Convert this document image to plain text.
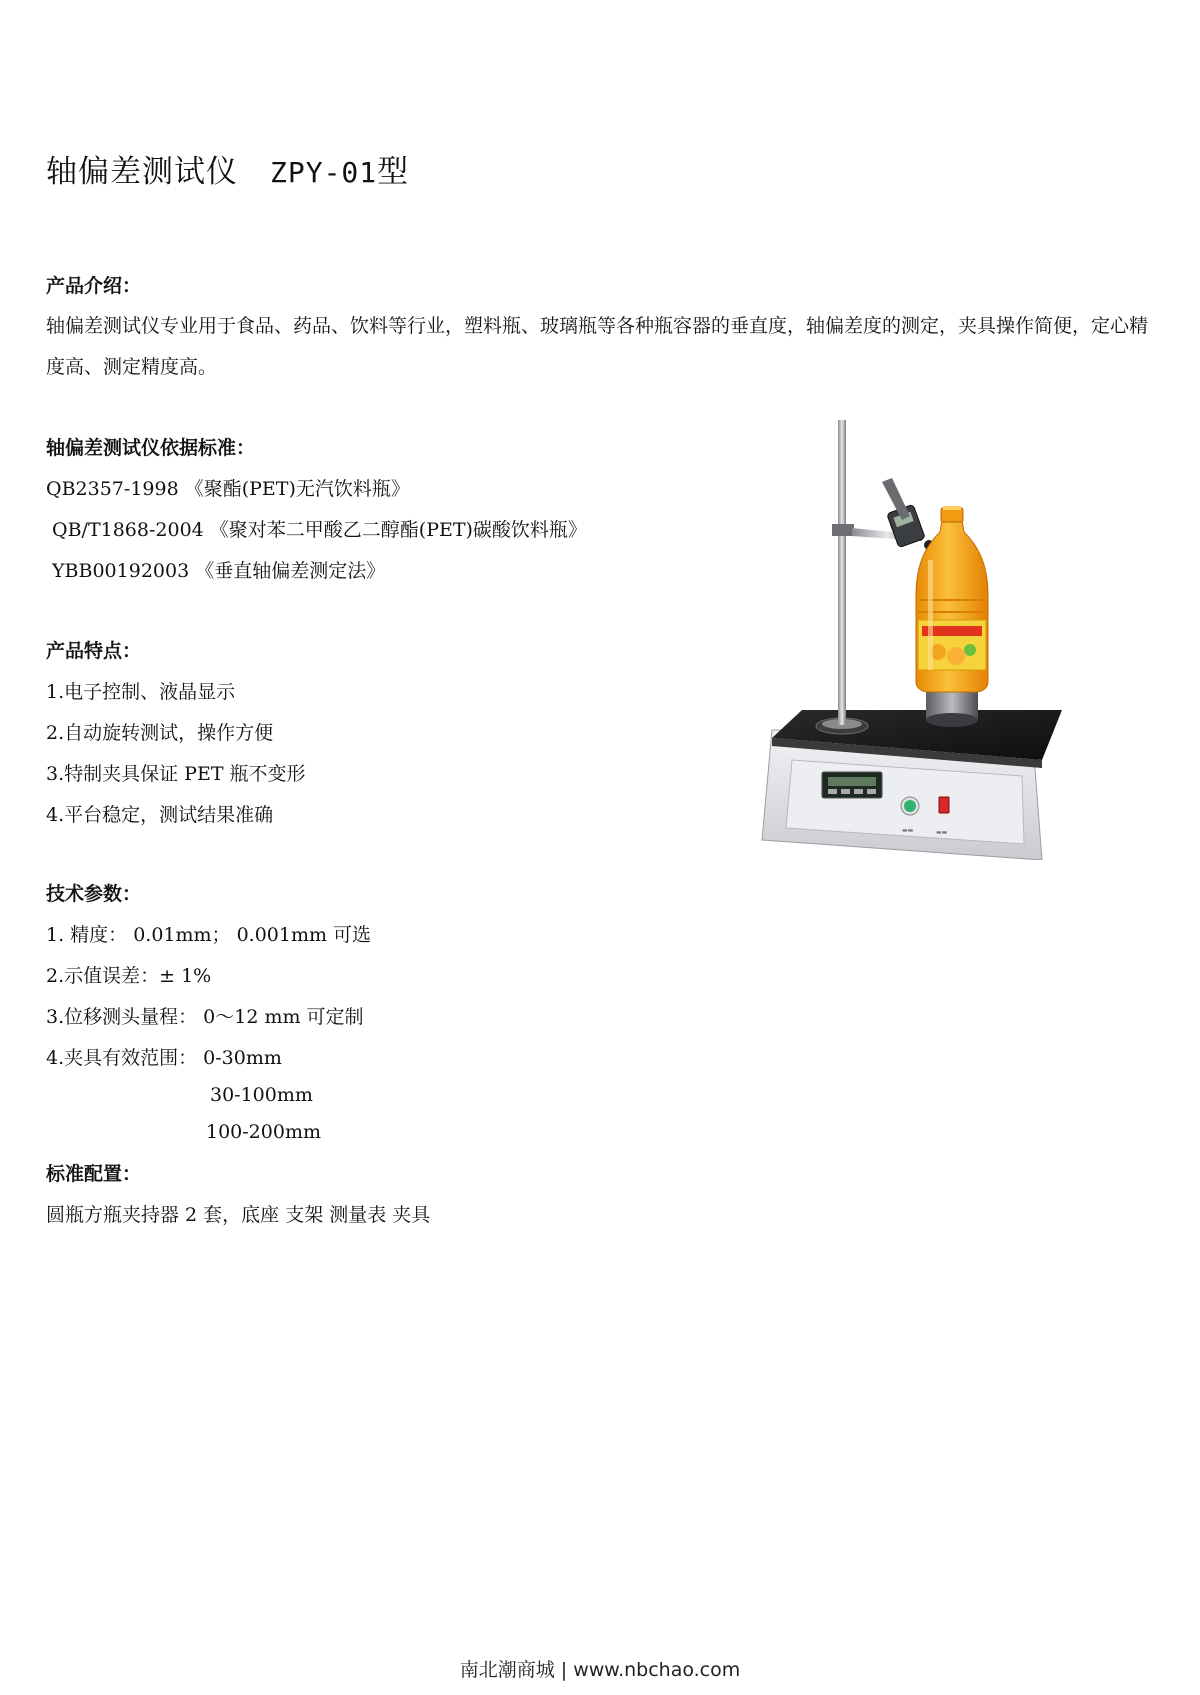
轴偏差测试仪 ZPY-01型
产品介绍：
轴偏差测试仪专业用于食品、药品、饮料等行业，塑料瓶、玻璃瓶等各种瓶容器的垂直度，轴偏差度的测定，夹具操作简便，定心精度高、测定精度高。
轴偏差测试仪依据标准：
QB2357-1998 《聚酯(PET)无汽饮料瓶》
QB/T1868-2004 《聚对苯二甲酸乙二醇酯(PET)碳酸饮料瓶》
YBB00192003 《垂直轴偏差测定法》
产品特点：
1.电子控制、液晶显示
2.自动旋转测试，操作方便
3.特制夹具保证 PET 瓶不变形
4.平台稳定，测试结果准确
技术参数：
1. 精度： 0.01mm； 0.001mm 可选
2.示值误差：± 1%
3.位移测头量程： 0～12 mm 可定制
4.夹具有效范围： 0-30mm
30-100mm
100-200mm
标准配置：
圆瓶方瓶夹持器 2 套，底座 支架 测量表 夹具
▬▬	▬▬
南北潮商城 | www.nbchao.com
